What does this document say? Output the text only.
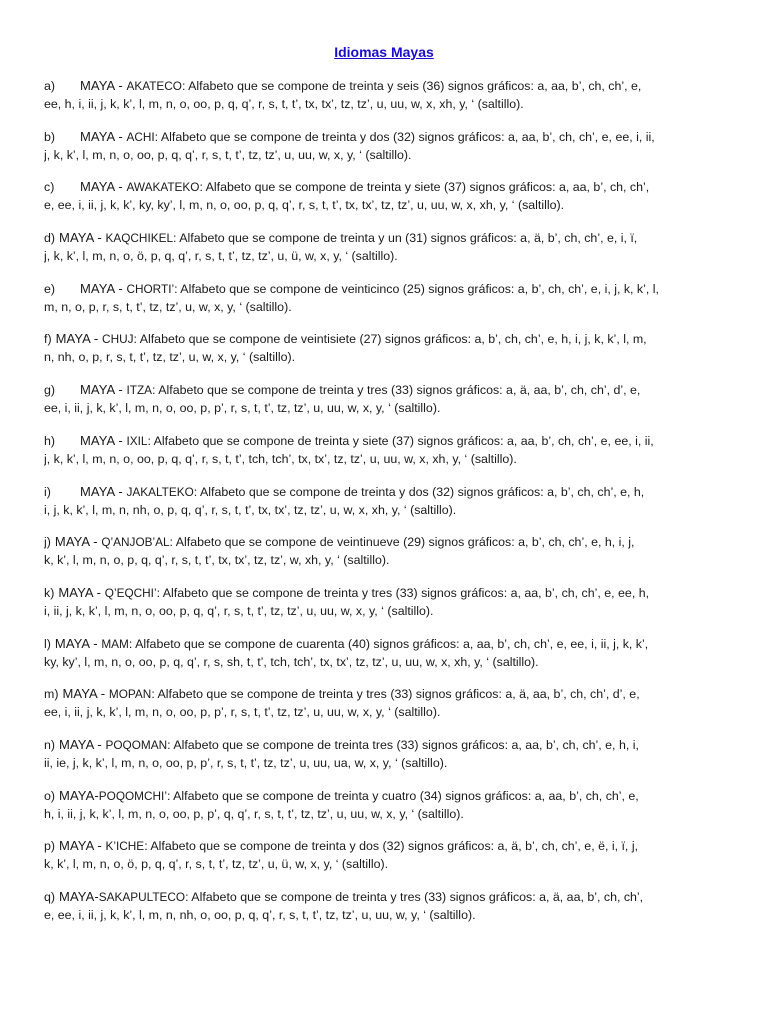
Idiomas Mayas
a) MAYA - AKATECO: Alfabeto que se compone de treinta y seis (36) signos gráficos: a, aa, b’, ch, ch’, e,
ee, h, i, ii, j, k, k’, l, m, n, o, oo, p, q, q’, r, s, t, t’, tx, tx’, tz, tz’, u, uu, w, x, xh, y, ‘ (saltillo).
b) MAYA - ACHI: Alfabeto que se compone de treinta y dos (32) signos gráficos: a, aa, b’, ch, ch’, e, ee, i, ii,
j, k, k’, l, m, n, o, oo, p, q, q’, r, s, t, t’, tz, tz’, u, uu, w, x, y, ‘ (saltillo).
c) MAYA - AWAKATEKO: Alfabeto que se compone de treinta y siete (37) signos gráficos: a, aa, b’, ch, ch’,
e, ee, i, ii, j, k, k’, ky, ky’, l, m, n, o, oo, p, q, q’, r, s, t, t’, tx, tx’, tz, tz’, u, uu, w, x, xh, y, ‘ (saltillo).
d) MAYA - KAQCHIKEL: Alfabeto que se compone de treinta y un (31) signos gráficos: a, ä, b’, ch, ch’, e, i, ï,
j, k, k’, l, m, n, o, ö, p, q, q’, r, s, t, t’, tz, tz’, u, ü, w, x, y, ‘ (saltillo).
e) MAYA - CHORTI’: Alfabeto que se compone de veinticinco (25) signos gráficos: a, b’, ch, ch’, e, i, j, k, k’, l,
m, n, o, p, r, s, t, t’, tz, tz’, u, w, x, y, ‘ (saltillo).
f) MAYA - CHUJ: Alfabeto que se compone de veintisiete (27) signos gráficos: a, b’, ch, ch’, e, h, i, j, k, k’, l, m,
n, nh, o, p, r, s, t, t’, tz, tz’, u, w, x, y, ‘ (saltillo).
g) MAYA - ITZA: Alfabeto que se compone de treinta y tres (33) signos gráficos: a, ä, aa, b’, ch, ch’, d’, e,
ee, i, ii, j, k, k’, l, m, n, o, oo, p, p’, r, s, t, t’, tz, tz’, u, uu, w, x, y, ‘ (saltillo).
h) MAYA - IXIL: Alfabeto que se compone de treinta y siete (37) signos gráficos: a, aa, b’, ch, ch’, e, ee, i, ii,
j, k, k’, l, m, n, o, oo, p, q, q’, r, s, t, t’, tch, tch’, tx, tx’, tz, tz’, u, uu, w, x, xh, y, ‘ (saltillo).
i) MAYA - JAKALTEKO: Alfabeto que se compone de treinta y dos (32) signos gráficos: a, b’, ch, ch’, e, h,
i, j, k, k’, l, m, n, nh, o, p, q, q’, r, s, t, t’, tx, tx’, tz, tz’, u, w, x, xh, y, ‘ (saltillo).
j) MAYA - Q’ANJOB’AL: Alfabeto que se compone de veintinueve (29) signos gráficos: a, b’, ch, ch’, e, h, i, j,
k, k’, l, m, n, o, p, q, q’, r, s, t, t’, tx, tx’, tz, tz’, w, xh, y, ‘ (saltillo).
k) MAYA - Q’EQCHI’: Alfabeto que se compone de treinta y tres (33) signos gráficos: a, aa, b’, ch, ch’, e, ee, h,
i, ii, j, k, k’, l, m, n, o, oo, p, q, q’, r, s, t, t’, tz, tz’, u, uu, w, x, y, ‘ (saltillo).
l) MAYA - MAM: Alfabeto que se compone de cuarenta (40) signos gráficos: a, aa, b’, ch, ch’, e, ee, i, ii, j, k, k’,
ky, ky’, l, m, n, o, oo, p, q, q’, r, s, sh, t, t’, tch, tch’, tx, tx’, tz, tz’, u, uu, w, x, xh, y, ‘ (saltillo).
m) MAYA - MOPAN: Alfabeto que se compone de treinta y tres (33) signos gráficos: a, ä, aa, b’, ch, ch’, d’, e,
ee, i, ii, j, k, k’, l, m, n, o, oo, p, p’, r, s, t, t’, tz, tz’, u, uu, w, x, y, ‘ (saltillo).
n) MAYA - POQOMAN: Alfabeto que se compone de treinta tres (33) signos gráficos: a, aa, b’, ch, ch’, e, h, i,
ii, ie, j, k, k’, l, m, n, o, oo, p, p’, r, s, t, t’, tz, tz’, u, uu, ua, w, x, y, ‘ (saltillo).
o) MAYA-POQOMCHI’: Alfabeto que se compone de treinta y cuatro (34) signos gráficos: a, aa, b’, ch, ch’, e,
h, i, ii, j, k, k’, l, m, n, o, oo, p, p’, q, q’, r, s, t, t’, tz, tz’, u, uu, w, x, y, ‘ (saltillo).
p) MAYA - K’ICHE: Alfabeto que se compone de treinta y dos (32) signos gráficos: a, ä, b’, ch, ch’, e, ë, i, ï, j,
k, k’, l, m, n, o, ö, p, q, q’, r, s, t, t’, tz, tz’, u, ü, w, x, y, ‘ (saltillo).
q) MAYA-SAKAPULTECO: Alfabeto que se compone de treinta y tres (33) signos gráficos: a, ä, aa, b’, ch, ch’,
e, ee, i, ii, j, k, k’, l, m, n, nh, o, oo, p, q, q’, r, s, t, t’, tz, tz’, u, uu, w, y, ‘ (saltillo).
